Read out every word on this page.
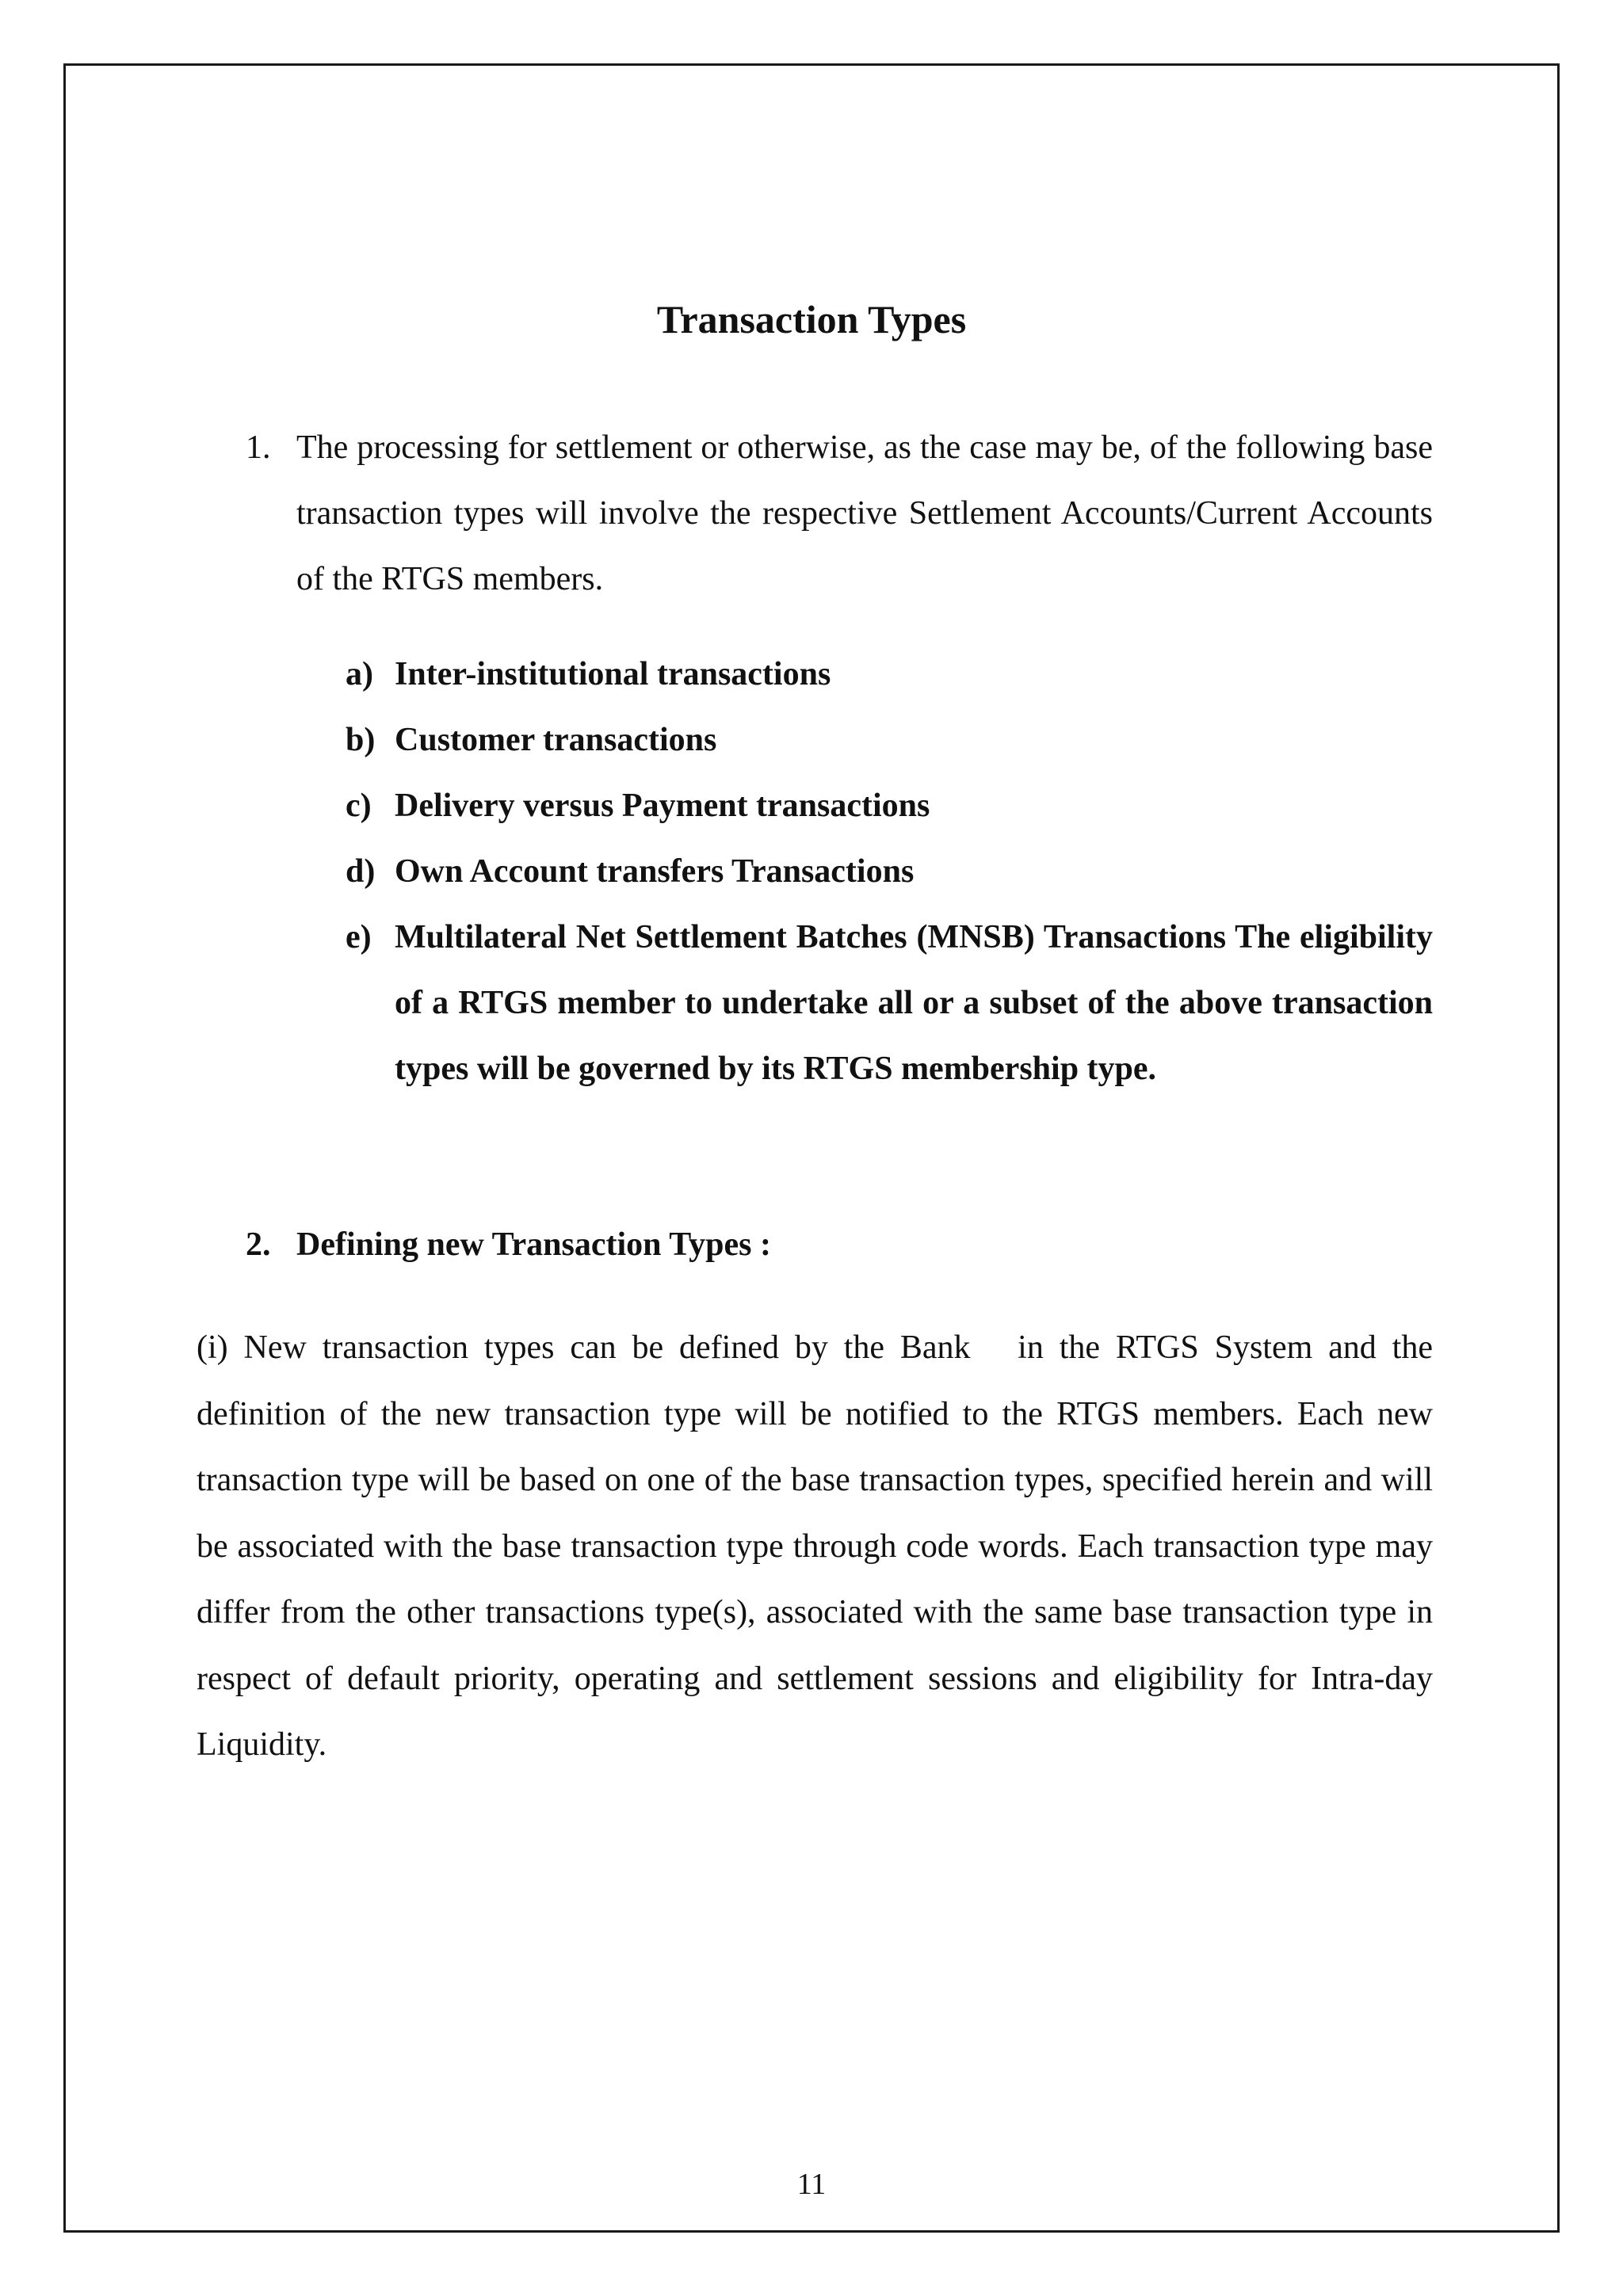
Transaction Types
1. The processing for settlement or otherwise, as the case may be, of the following base transaction types will involve the respective Settlement Accounts/Current Accounts of the RTGS members.
a) Inter-institutional transactions
b) Customer transactions
c) Delivery versus Payment transactions
d) Own Account transfers Transactions
e) Multilateral Net Settlement Batches (MNSB) Transactions The eligibility of a RTGS member to undertake all or a subset of the above transaction types will be governed by its RTGS membership type.
2. Defining new Transaction Types :

(i) New transaction types can be defined by the Bank   in the RTGS System and the definition of the new transaction type will be notified to the RTGS members. Each new transaction type will be based on one of the base transaction types, specified herein and will be associated with the base transaction type through code words. Each transaction type may differ from the other transactions type(s), associated with the same base transaction type in respect of default priority, operating and settlement sessions and eligibility for Intra-day Liquidity.

11
